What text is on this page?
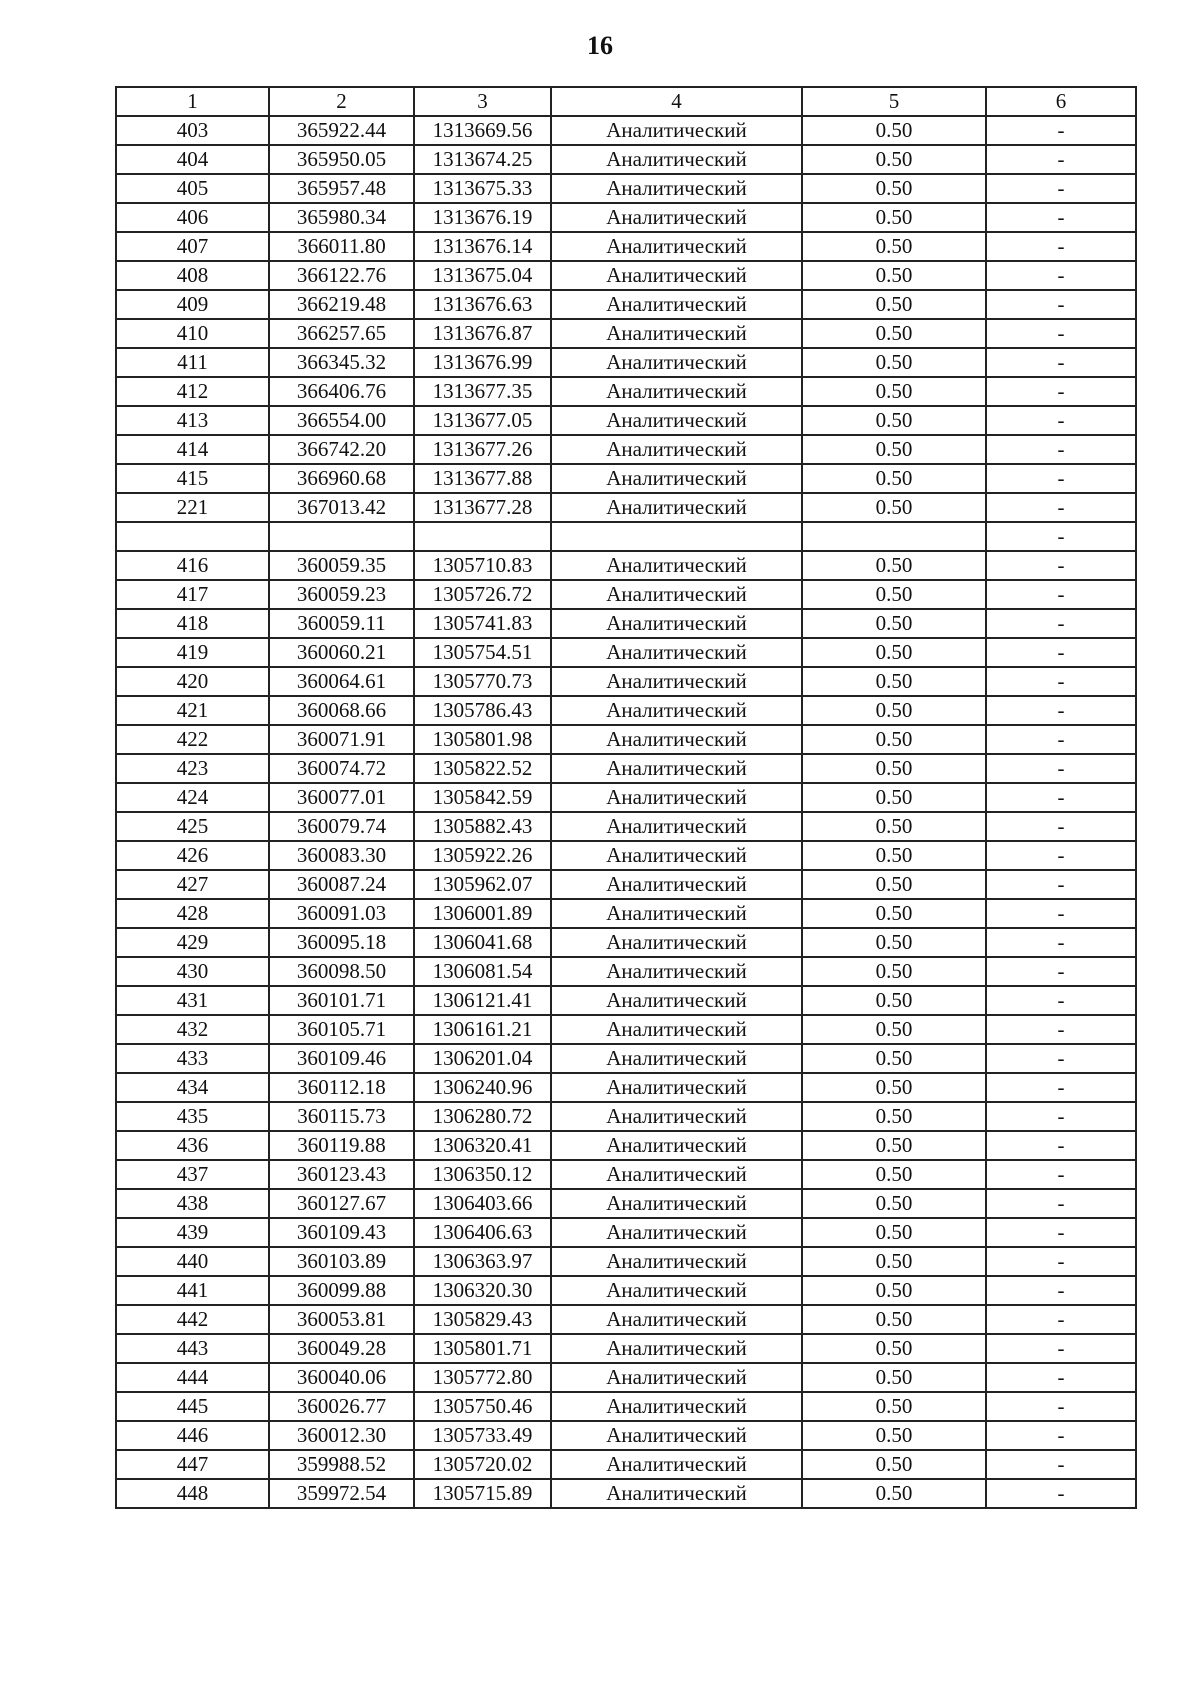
16
1	2	3	4	5	6
403	365922.44	1313669.56	Аналитический	0.50	-
404	365950.05	1313674.25	Аналитический	0.50	-
405	365957.48	1313675.33	Аналитический	0.50	-
406	365980.34	1313676.19	Аналитический	0.50	-
407	366011.80	1313676.14	Аналитический	0.50	-
408	366122.76	1313675.04	Аналитический	0.50	-
409	366219.48	1313676.63	Аналитический	0.50	-
410	366257.65	1313676.87	Аналитический	0.50	-
411	366345.32	1313676.99	Аналитический	0.50	-
412	366406.76	1313677.35	Аналитический	0.50	-
413	366554.00	1313677.05	Аналитический	0.50	-
414	366742.20	1313677.26	Аналитический	0.50	-
415	366960.68	1313677.88	Аналитический	0.50	-
221	367013.42	1313677.28	Аналитический	0.50	-
					-
416	360059.35	1305710.83	Аналитический	0.50	-
417	360059.23	1305726.72	Аналитический	0.50	-
418	360059.11	1305741.83	Аналитический	0.50	-
419	360060.21	1305754.51	Аналитический	0.50	-
420	360064.61	1305770.73	Аналитический	0.50	-
421	360068.66	1305786.43	Аналитический	0.50	-
422	360071.91	1305801.98	Аналитический	0.50	-
423	360074.72	1305822.52	Аналитический	0.50	-
424	360077.01	1305842.59	Аналитический	0.50	-
425	360079.74	1305882.43	Аналитический	0.50	-
426	360083.30	1305922.26	Аналитический	0.50	-
427	360087.24	1305962.07	Аналитический	0.50	-
428	360091.03	1306001.89	Аналитический	0.50	-
429	360095.18	1306041.68	Аналитический	0.50	-
430	360098.50	1306081.54	Аналитический	0.50	-
431	360101.71	1306121.41	Аналитический	0.50	-
432	360105.71	1306161.21	Аналитический	0.50	-
433	360109.46	1306201.04	Аналитический	0.50	-
434	360112.18	1306240.96	Аналитический	0.50	-
435	360115.73	1306280.72	Аналитический	0.50	-
436	360119.88	1306320.41	Аналитический	0.50	-
437	360123.43	1306350.12	Аналитический	0.50	-
438	360127.67	1306403.66	Аналитический	0.50	-
439	360109.43	1306406.63	Аналитический	0.50	-
440	360103.89	1306363.97	Аналитический	0.50	-
441	360099.88	1306320.30	Аналитический	0.50	-
442	360053.81	1305829.43	Аналитический	0.50	-
443	360049.28	1305801.71	Аналитический	0.50	-
444	360040.06	1305772.80	Аналитический	0.50	-
445	360026.77	1305750.46	Аналитический	0.50	-
446	360012.30	1305733.49	Аналитический	0.50	-
447	359988.52	1305720.02	Аналитический	0.50	-
448	359972.54	1305715.89	Аналитический	0.50	-
